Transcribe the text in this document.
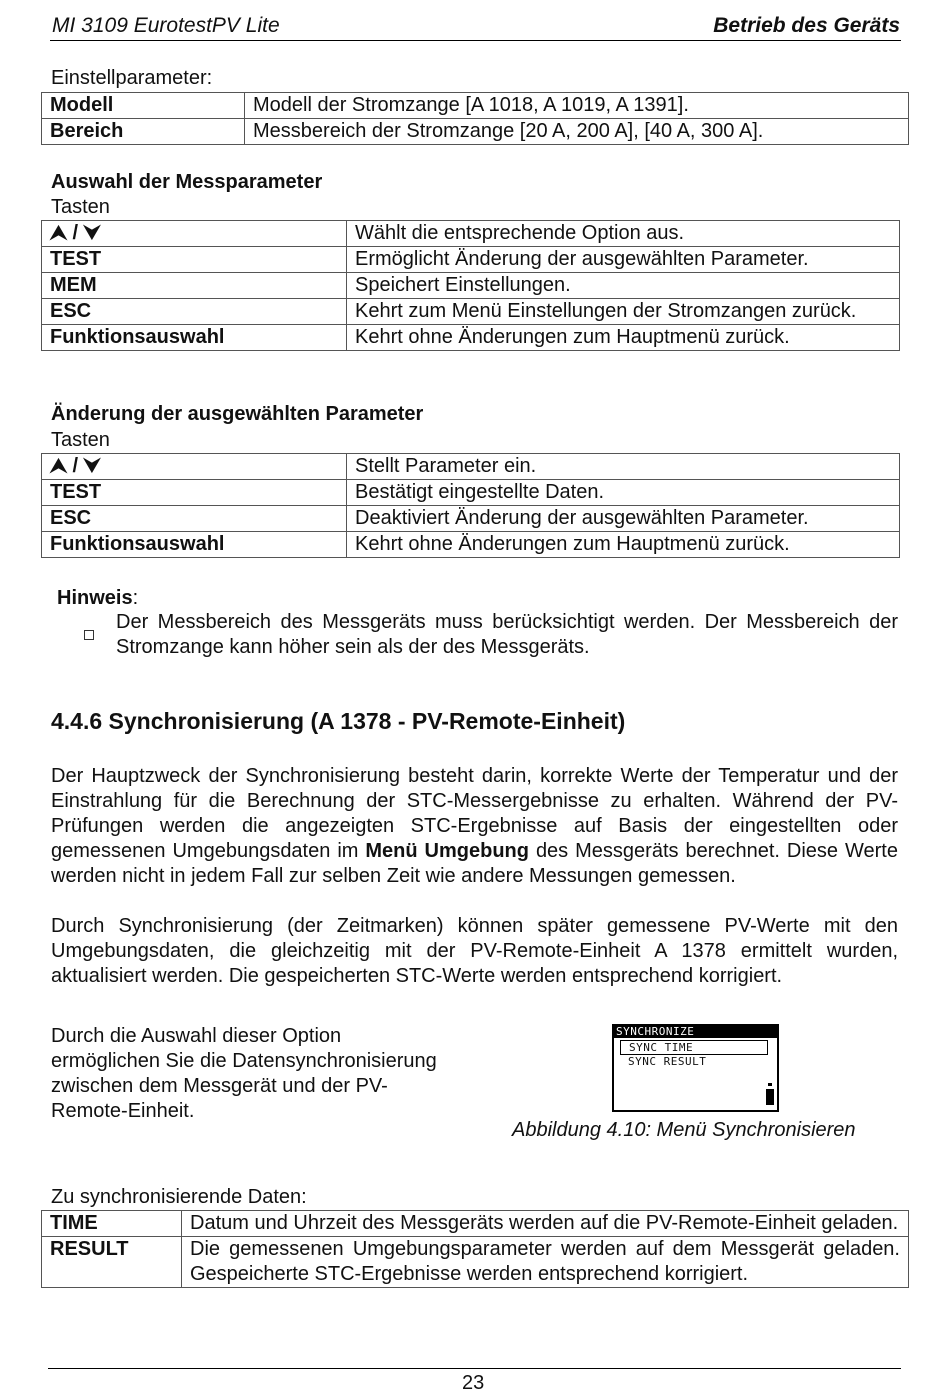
MI 3109 EurotestPV Lite	Betrieb des Geräts
Einstellparameter:
Modell	Modell der Stromzange [A 1018, A 1019, A 1391].
Bereich	Messbereich der Stromzange [20 A, 200 A], [40 A, 300 A].
Auswahl der Messparameter
Tasten
⮝ / ⮟	Wählt die entsprechende Option aus.
TEST	Ermöglicht Änderung der ausgewählten Parameter.
MEM	Speichert Einstellungen.
ESC	Kehrt zum Menü Einstellungen der Stromzangen zurück.
Funktionsauswahl	Kehrt ohne Änderungen zum Hauptmenü zurück.
Änderung der ausgewählten Parameter
Tasten
⮝ / ⮟	Stellt Parameter ein.
TEST	Bestätigt eingestellte Daten.
ESC	Deaktiviert Änderung der ausgewählten Parameter.
Funktionsauswahl	Kehrt ohne Änderungen zum Hauptmenü zurück.
Hinweis:
Der Messbereich des Messgeräts muss berücksichtigt werden. Der Messbereich der Stromzange kann höher sein als der des Messgeräts.
4.4.6 Synchronisierung (A 1378 - PV-Remote-Einheit)
Der Hauptzweck der Synchronisierung besteht darin, korrekte Werte der Temperatur und der Einstrahlung für die Berechnung der STC-Messergebnisse zu erhalten. Während der PV-Prüfungen werden die angezeigten STC-Ergebnisse auf Basis der eingestellten oder gemessenen Umgebungsdaten im Menü Umgebung des Messgeräts berechnet. Diese Werte werden nicht in jedem Fall zur selben Zeit wie andere Messungen gemessen.
Durch Synchronisierung (der Zeitmarken) können später gemessene PV-Werte mit den Umgebungsdaten, die gleichzeitig mit der PV-Remote-Einheit A 1378 ermittelt wurden, aktualisiert werden. Die gespeicherten STC-Werte werden entsprechend korrigiert.
Durch die Auswahl dieser Option
ermöglichen Sie die Datensynchronisierung
zwischen dem Messgerät und der PV-
Remote-Einheit.
SYNCHRONIZE
SYNC TIME
SYNC RESULT
Abbildung 4.10: Menü Synchronisieren
Zu synchronisierende Daten:
TIME	Datum und Uhrzeit des Messgeräts werden auf die PV-Remote-Einheit geladen.
RESULT	Die gemessenen Umgebungsparameter werden auf dem Messgerät geladen. Gespeicherte STC-Ergebnisse werden entsprechend korrigiert.
23
